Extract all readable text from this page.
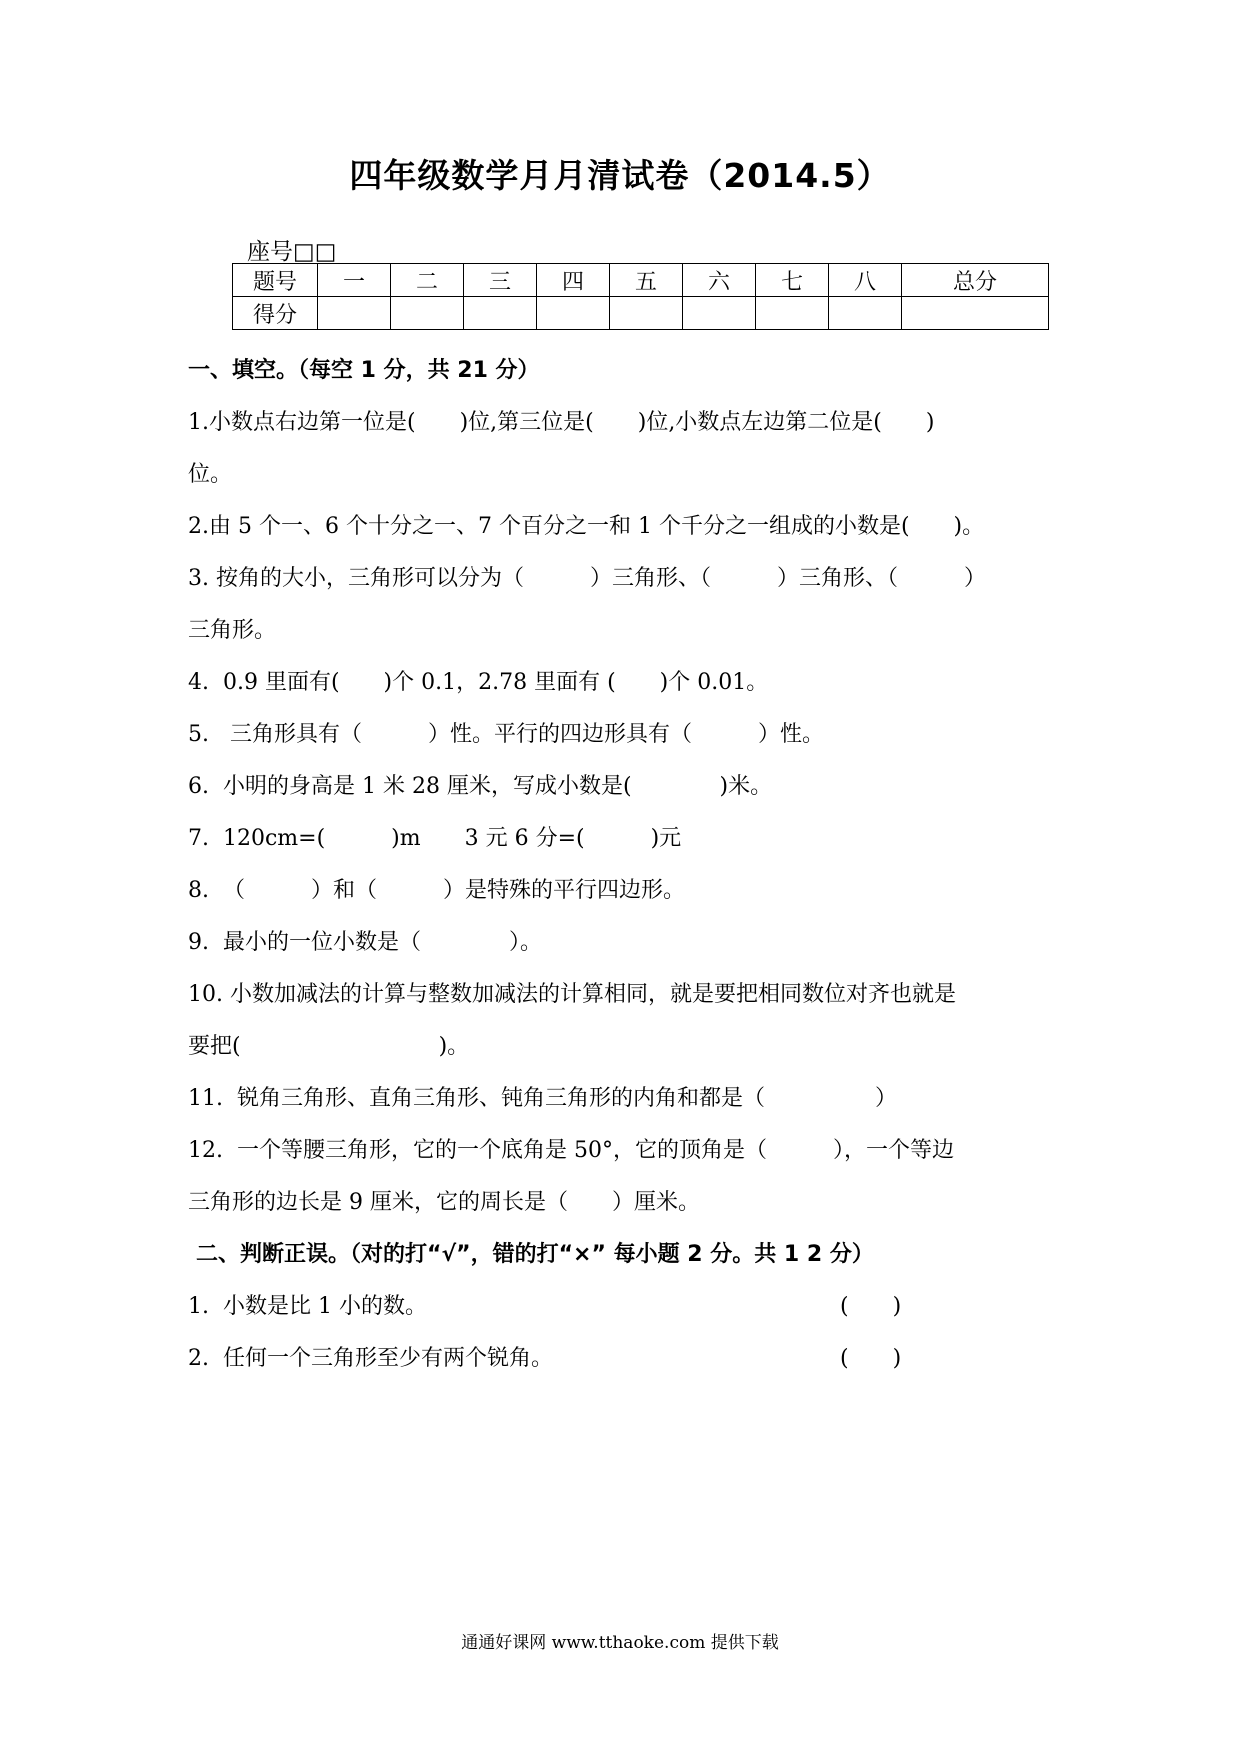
四年级数学月月清试卷（2014.5）
座号□□
题号	一	二	三	四	五	六	七	八	总分
得分									
一、填空。（每空 1 分，共 21 分）
1.小数点右边第一位是(　　)位,第三位是(　　)位,小数点左边第二位是(　　)
位。
2.由 5 个一、6 个十分之一、7 个百分之一和 1 个千分之一组成的小数是(　　)。
3. 按角的大小，三角形可以分为（　　　）三角形、（　　　）三角形、（　　　）
三角形。
4.  0.9 里面有(　　)个 0.1，2.78 里面有 (　　)个 0.01。
5.   三角形具有（　　　）性。平行的四边形具有（　　　）性。
6.  小明的身高是 1 米 28 厘米，写成小数是(　　　　)米。
7.  120cm=(　　　)m　　3 元 6 分=(　　　)元
8.  （　　　）和（　　　）是特殊的平行四边形。
9.  最小的一位小数是（　　　　）。
10. 小数加减法的计算与整数加减法的计算相同，就是要把相同数位对齐也就是
要把(　　　　　　　　　)。
11.  锐角三角形、直角三角形、钝角三角形的内角和都是（　　　　　）
12.  一个等腰三角形，它的一个底角是 50°，它的顶角是（　　　），一个等边
三角形的边长是 9 厘米，它的周长是（　　）厘米。
二、判断正误。（对的打“√”，错的打“×” 每小题 2 分。共 1 2 分）
1.  小数是比 1 小的数。	(　　)
2.  任何一个三角形至少有两个锐角。	(　　)
通通好课网 www.tthaoke.com 提供下载
